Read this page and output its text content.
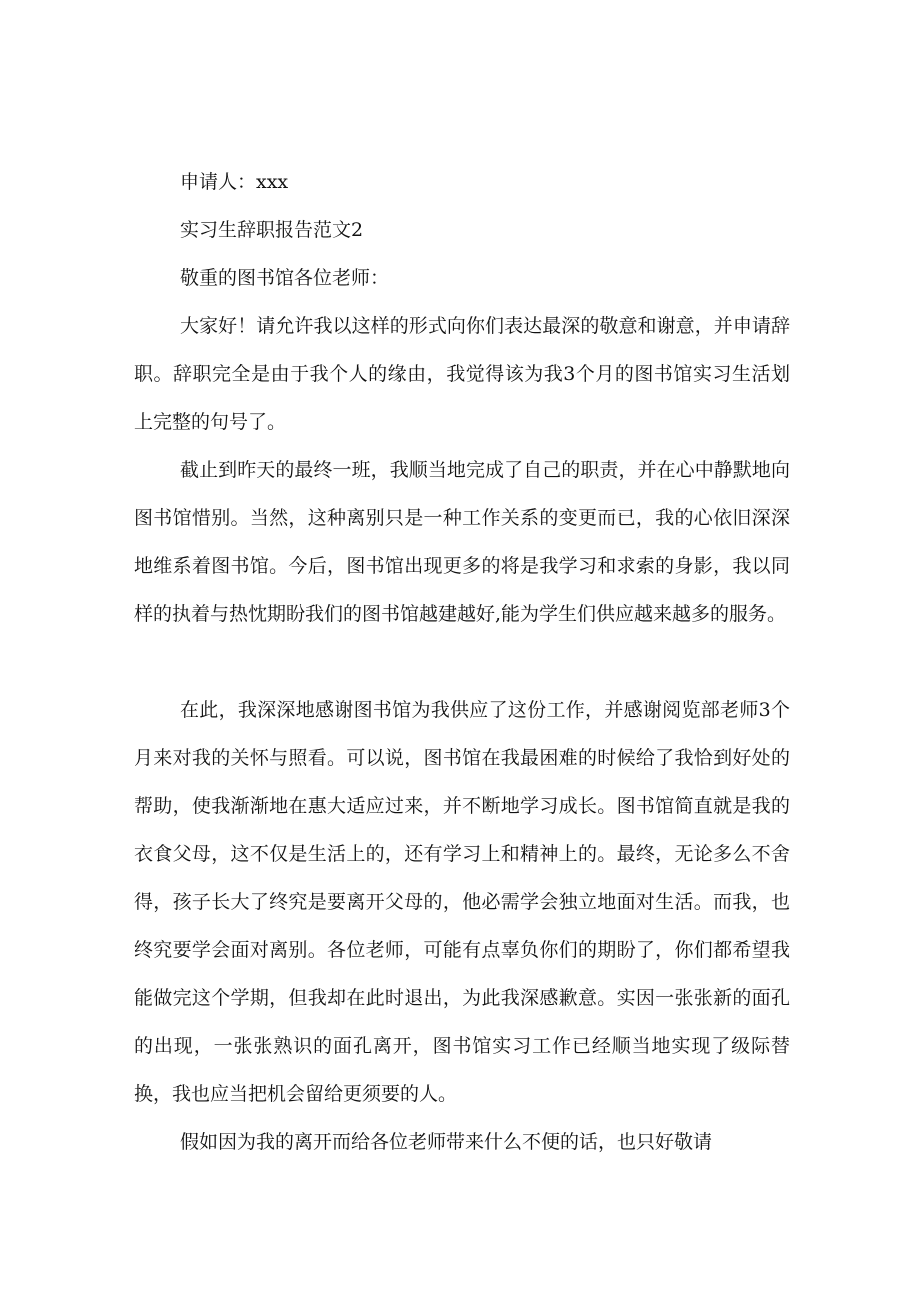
申请人：xxx

实习生辞职报告范文2

敬重的图书馆各位老师：

大家好！请允许我以这样的形式向你们表达最深的敬意和谢意，并申请辞职。辞职完全是由于我个人的缘由，我觉得该为我3个月的图书馆实习生活划上完整的句号了。

截止到昨天的最终一班，我顺当地完成了自己的职责，并在心中静默地向图书馆惜别。当然，这种离别只是一种工作关系的变更而已，我的心依旧深深地维系着图书馆。今后，图书馆出现更多的将是我学习和求索的身影，我以同样的执着与热忱期盼我们的图书馆越建越好,能为学生们供应越来越多的服务。

在此，我深深地感谢图书馆为我供应了这份工作，并感谢阅览部老师3个月来对我的关怀与照看。可以说，图书馆在我最困难的时候给了我恰到好处的帮助，使我渐渐地在惠大适应过来，并不断地学习成长。图书馆简直就是我的衣食父母，这不仅是生活上的，还有学习上和精神上的。最终，无论多么不舍得，孩子长大了终究是要离开父母的，他必需学会独立地面对生活。而我，也终究要学会面对离别。各位老师，可能有点辜负你们的期盼了，你们都希望我能做完这个学期，但我却在此时退出，为此我深感歉意。实因一张张新的面孔的出现，一张张熟识的面孔离开，图书馆实习工作已经顺当地实现了级际替换，我也应当把机会留给更须要的人。

假如因为我的离开而给各位老师带来什么不便的话，也只好敬请
